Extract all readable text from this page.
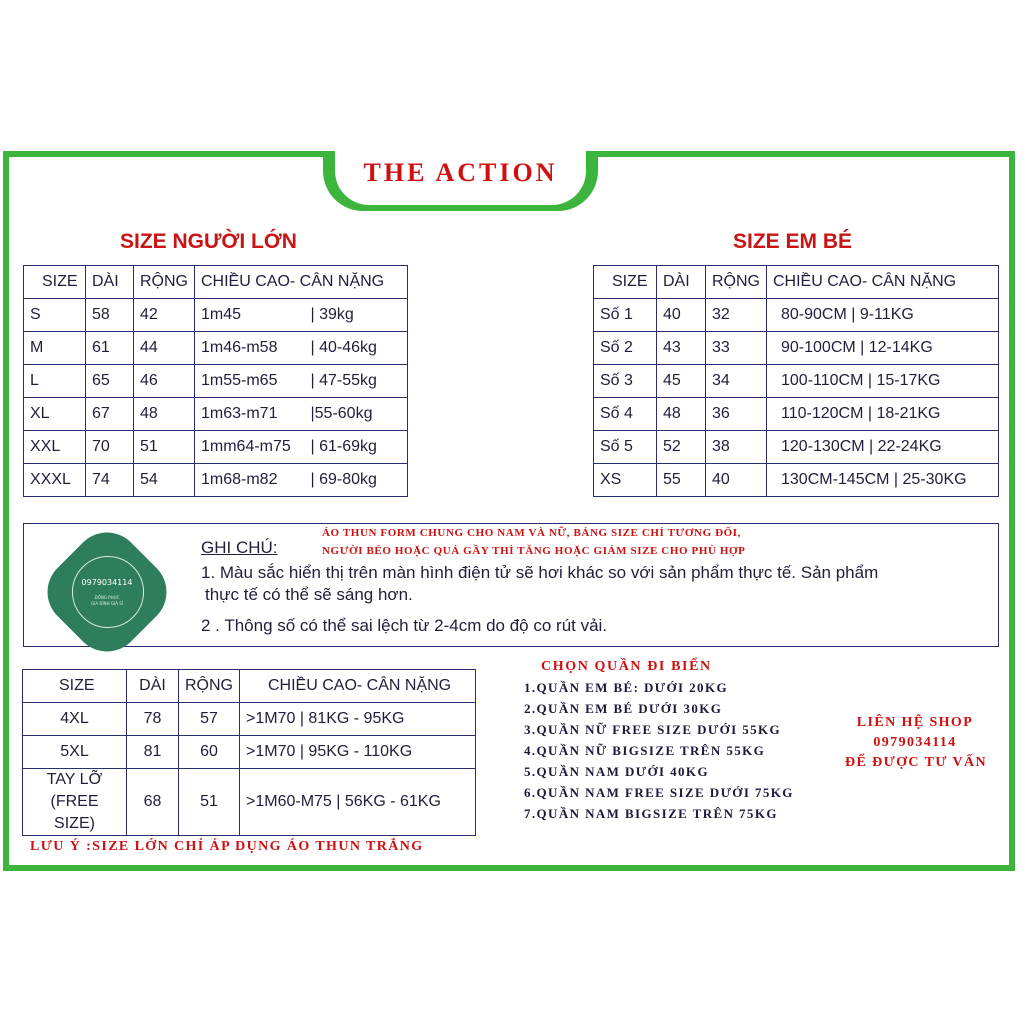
THE ACTION
SIZE NGƯỜI LỚN
SIZE	DÀI	RỘNG	CHIỀU CAO- CÂN NẶNG	
S	58	42	1m45	| 39kg
M	61	44	1m46-m58	| 40-46kg
L	65	46	1m55-m65	| 47-55kg
XL	67	48	1m63-m71	|55-60kg
XXL	70	51	1mm64-m75	| 61-69kg
XXXL	74	54	1m68-m82	| 69-80kg
SIZE EM BÉ
SIZE	DÀI	RỘNG	CHIỀU CAO- CÂN NẶNG
Số 1	40	32	80-90CM | 9-11KG
Số 2	43	33	90-100CM | 12-14KG
Số 3	45	34	100-110CM | 15-17KG
Số 4	48	36	110-120CM | 18-21KG
Số 5	52	38	120-130CM | 22-24KG
XS	55	40	130CM-145CM | 25-30KG
0979034114
ĐỒNG PHỤC
GIA ĐÌNH GIÁ SỈ
ÁO THUN FORM CHUNG CHO NAM VÀ NỮ, BẢNG SIZE CHỈ TƯƠNG ĐỐI,
NGƯỜI BÉO HOẶC QUÁ GẦY THÌ TĂNG HOẶC GIẢM SIZE CHO PHÙ HỢP
GHI CHÚ:
1. Màu sắc hiển thị trên màn hình điện tử sẽ hơi khác so với sản phẩm thực tế. Sản phẩm
thực tế có thể sẽ sáng hơn.
2 . Thông số có thể sai lệch từ 2-4cm do độ co rút vải.
SIZE	DÀI	RỘNG	CHIỀU CAO- CÂN NẶNG
4XL	78	57	>1M70 | 81KG - 95KG
5XL	81	60	>1M70 | 95KG - 110KG
TAY LỠ
(FREE SIZE)	68	51	>1M60-M75 | 56KG - 61KG
LƯU Ý :SIZE LỚN CHỈ ÁP DỤNG ÁO THUN TRẮNG
CHỌN QUẦN ĐI BIỂN
1.QUẦN EM BÉ: DƯỚI 20KG
2.QUẦN EM BÉ DƯỚI 30KG
3.QUẦN NỮ FREE SIZE DƯỚI 55KG
4.QUẦN NỮ BIGSIZE TRÊN 55KG
5.QUẦN NAM DƯỚI 40KG
6.QUẦN NAM FREE SIZE DƯỚI 75KG
7.QUẦN NAM BIGSIZE TRÊN 75KG
LIÊN HỆ SHOP
0979034114
ĐỂ ĐƯỢC TƯ VẤN
